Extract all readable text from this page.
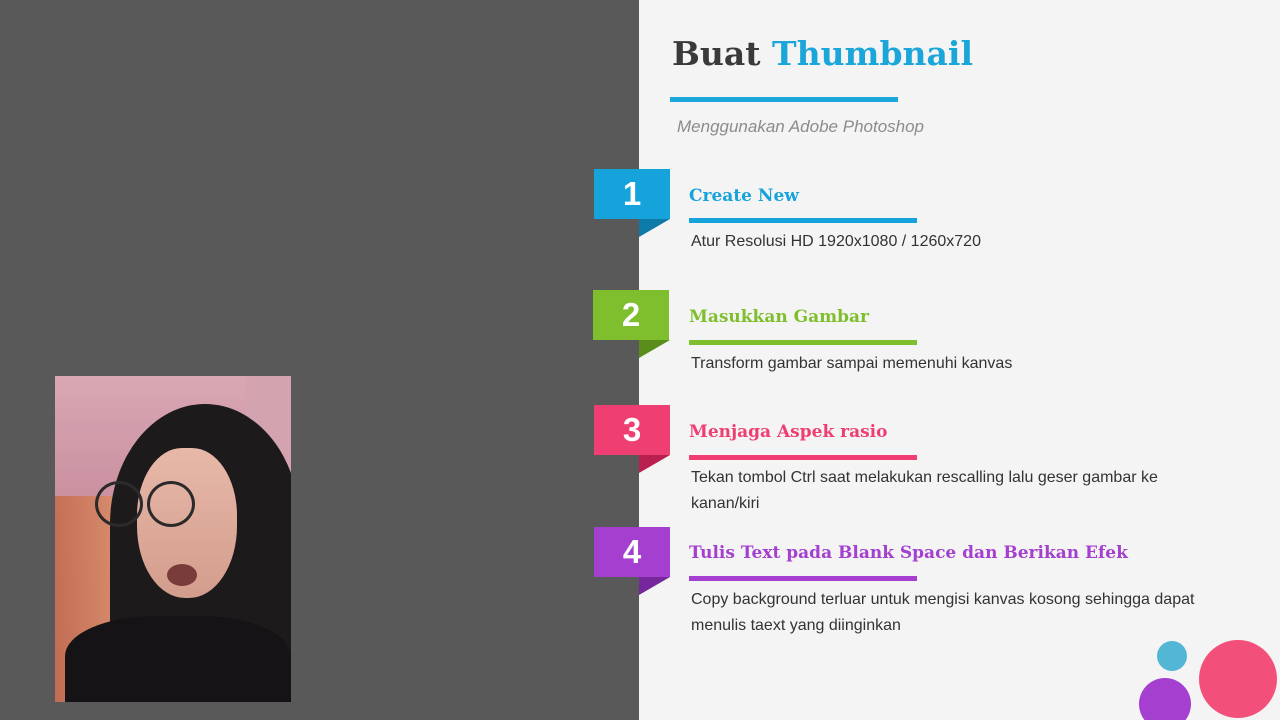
Buat Thumbnail
Menggunakan Adobe Photoshop
1	Create New
Atur Resolusi HD 1920x1080 / 1260x720
2	Masukkan Gambar
Transform gambar sampai memenuhi kanvas
3	Menjaga Aspek rasio
Tekan tombol Ctrl saat melakukan rescalling lalu geser gambar ke kanan/kiri
4	Tulis Text pada Blank Space dan Berikan Efek
Copy background terluar untuk mengisi kanvas kosong sehingga dapat menulis taext yang diinginkan
